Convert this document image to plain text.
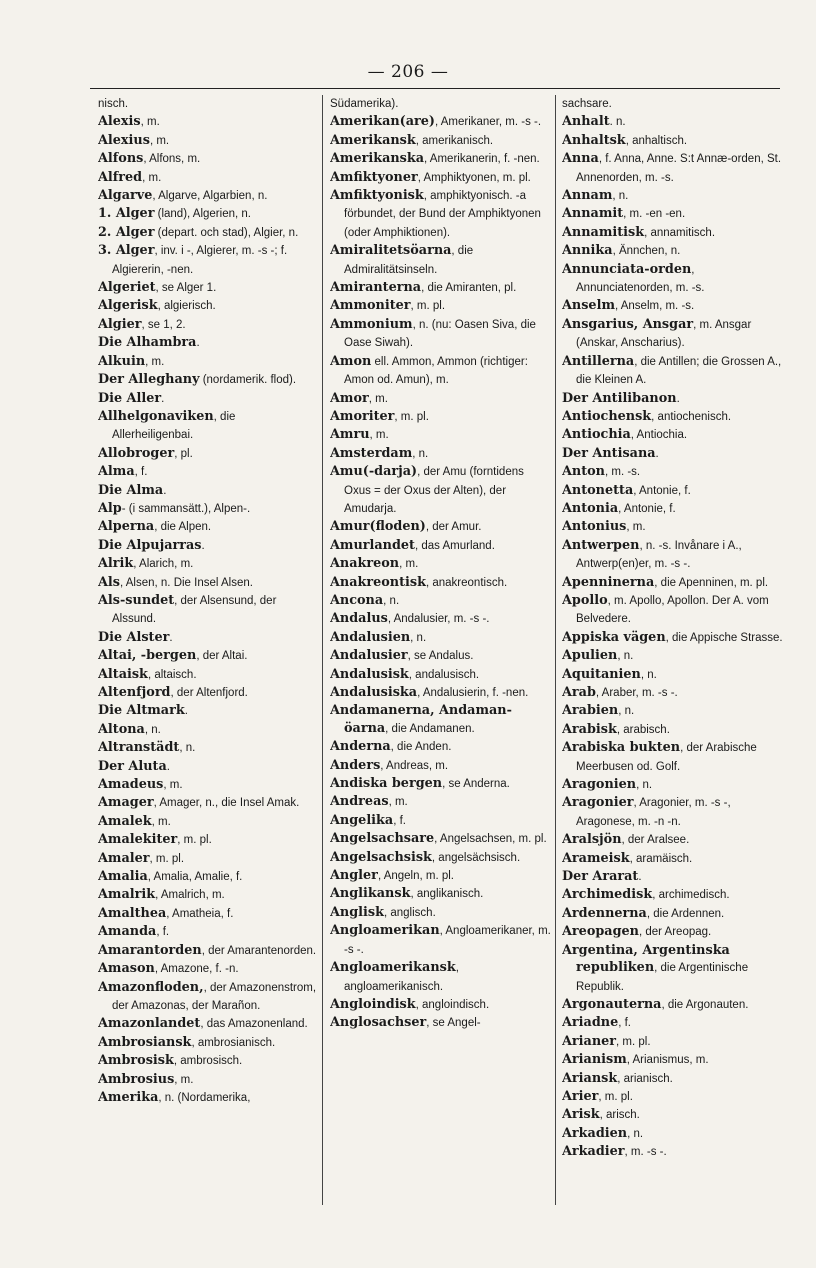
— 206 —

nisch.

Alexis, m.

Alexius, m.

Alfons, Alfons, m.

Alfred, m.

Algarve, Algarve, Algarbien, n.

1. Alger (land), Algerien, n.

2. Alger (depart. och stad), Algier, n.

3. Alger, inv. i -, Algierer, m. -s -; f. Algiererin, -nen.

Algeriet, se Alger 1.

Algerisk, algierisch.

Algier, se 1, 2.

Die Alhambra.

Alkuin, m.

Der Alleghany (nordamerik. flod).

Die Aller.

Allhelgonaviken, die Allerheiligenbai.

Allobroger, pl.

Alma, f.

Die Alma.

Alp- (i sammansätt.), Alpen-.

Alperna, die Alpen.

Die Alpujarras.

Alrik, Alarich, m.

Als, Alsen, n. Die Insel Alsen.

Als-sundet, der Alsensund, der Alssund.

Die Alster.

Altai, -bergen, der Altai.

Altaisk, altaisch.

Altenfjord, der Altenfjord.

Die Altmark.

Altona, n.

Altranstädt, n.

Der Aluta.

Amadeus, m.

Amager, Amager, n., die Insel Amak.

Amalek, m.

Amalekiter, m. pl.

Amaler, m. pl.

Amalia, Amalia, Amalie, f.

Amalrik, Amalrich, m.

Amalthea, Amatheia, f.

Amanda, f.

Amarantorden, der Amarantenorden.

Amason, Amazone, f. -n.

Amazonfloden,, der Amazonenstrom, der Amazonas, der Marañon.

Amazonlandet, das Amazonenland.

Ambrosiansk, ambrosianisch.

Ambrosisk, ambrosisch.

Ambrosius, m.

Amerika, n. (Nordamerika,

Südamerika).

Amerikan(are), Amerikaner, m. -s -.

Amerikansk, amerikanisch.

Amerikanska, Amerikanerin, f. -nen.

Amfiktyoner, Amphiktyonen, m. pl.

Amfiktyonisk, amphiktyonisch. -a förbundet, der Bund der Amphiktyonen (oder Amphiktionen).

Amiralitetsöarna, die Admiralitätsinseln.

Amiranterna, die Amiranten, pl.

Ammoniter, m. pl.

Ammonium, n. (nu: Oasen Siva, die Oase Siwah).

Amon ell. Ammon, Ammon (richtiger: Amon od. Amun), m.

Amor, m.

Amoriter, m. pl.

Amru, m.

Amsterdam, n.

Amu(-darja), der Amu (forntidens Oxus = der Oxus der Alten), der Amudarja.

Amur(floden), der Amur.

Amurlandet, das Amurland.

Anakreon, m.

Anakreontisk, anakreontisch.

Ancona, n.

Andalus, Andalusier, m. -s -.

Andalusien, n.

Andalusier, se Andalus.

Andalusisk, andalusisch.

Andalusiska, Andalusierin, f. -nen.

Andamanerna, Andaman-öarna, die Andamanen.

Anderna, die Anden.

Anders, Andreas, m.

Andiska bergen, se Anderna.

Andreas, m.

Angelika, f.

Angelsachsare, Angelsachsen, m. pl.

Angelsachsisk, angelsächsisch.

Angler, Angeln, m. pl.

Anglikansk, anglikanisch.

Anglisk, anglisch.

Angloamerikan, Angloamerikaner, m. -s -.

Angloamerikansk, angloamerikanisch.

Angloindisk, angloindisch.

Anglosachser, se Angel-

sachsare.

Anhalt. n.

Anhaltsk, anhaltisch.

Anna, f. Anna, Anne. S:t Annæ-orden, St. Annenorden, m. -s.

Annam, n.

Annamit, m. -en -en.

Annamitisk, annamitisch.

Annika, Ännchen, n.

Annunciata-orden, Annunciatenorden, m. -s.

Anselm, Anselm, m. -s.

Ansgarius, Ansgar, m. Ansgar (Anskar, Anscharius).

Antillerna, die Antillen; die Grossen A., die Kleinen A.

Der Antilibanon.

Antiochensk, antiochenisch.

Antiochia, Antiochia.

Der Antisana.

Anton, m. -s.

Antonetta, Antonie, f.

Antonia, Antonie, f.

Antonius, m.

Antwerpen, n. -s. Invånare i A., Antwerp(en)er, m. -s -.

Apenninerna, die Apenninen, m. pl.

Apollo, m. Apollo, Apollon. Der A. vom Belvedere.

Appiska vägen, die Appische Strasse.

Apulien, n.

Aquitanien, n.

Arab, Araber, m. -s -.

Arabien, n.

Arabisk, arabisch.

Arabiska bukten, der Arabische Meerbusen od. Golf.

Aragonien, n.

Aragonier, Aragonier, m. -s -, Aragonese, m. -n -n.

Aralsjön, der Aralsee.

Arameisk, aramäisch.

Der Ararat.

Archimedisk, archimedisch.

Ardennerna, die Ardennen.

Areopagen, der Areopag.

Argentina, Argentinska republiken, die Argentinische Republik.

Argonauterna, die Argonauten.

Ariadne, f.

Arianer, m. pl.

Arianism, Arianismus, m.

Ariansk, arianisch.

Arier, m. pl.

Arisk, arisch.

Arkadien, n.

Arkadier, m. -s -.
